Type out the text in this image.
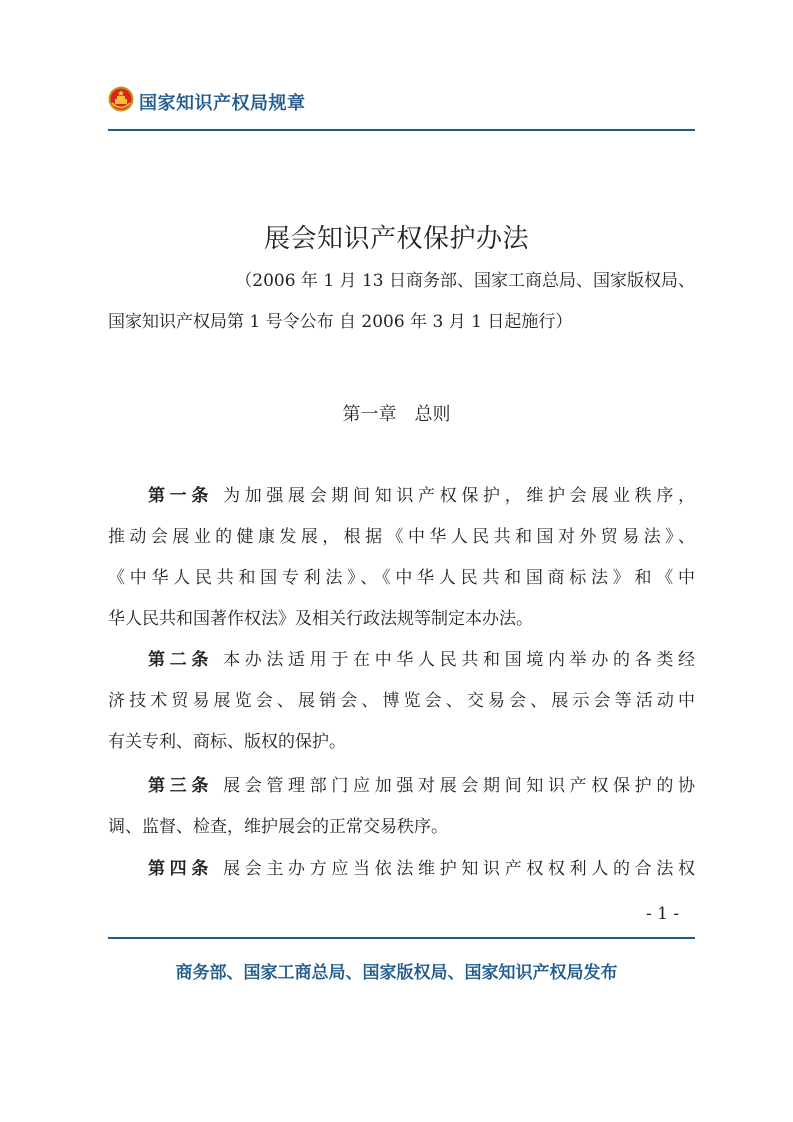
国家知识产权局规章
展会知识产权保护办法
（2006 年 1 月 13 日商务部、国家工商总局、国家版权局、
国家知识产权局第 1 号令公布 自 2006 年 3 月 1 日起施行）
第一章　总则
第一条 为加强展会期间知识产权保护，维护会展业秩序，
推动会展业的健康发展，根据《中华人民共和国对外贸易法》、
《中华人民共和国专利法》、《中华人民共和国商标法》和《中
华人民共和国著作权法》及相关行政法规等制定本办法。
第二条 本办法适用于在中华人民共和国境内举办的各类经
济技术贸易展览会、展销会、博览会、交易会、展示会等活动中
有关专利、商标、版权的保护。
第三条 展会管理部门应加强对展会期间知识产权保护的协
调、监督、检查，维护展会的正常交易秩序。
第四条 展会主办方应当依法维护知识产权权利人的合法权
- 1 -
商务部、国家工商总局、国家版权局、国家知识产权局发布
